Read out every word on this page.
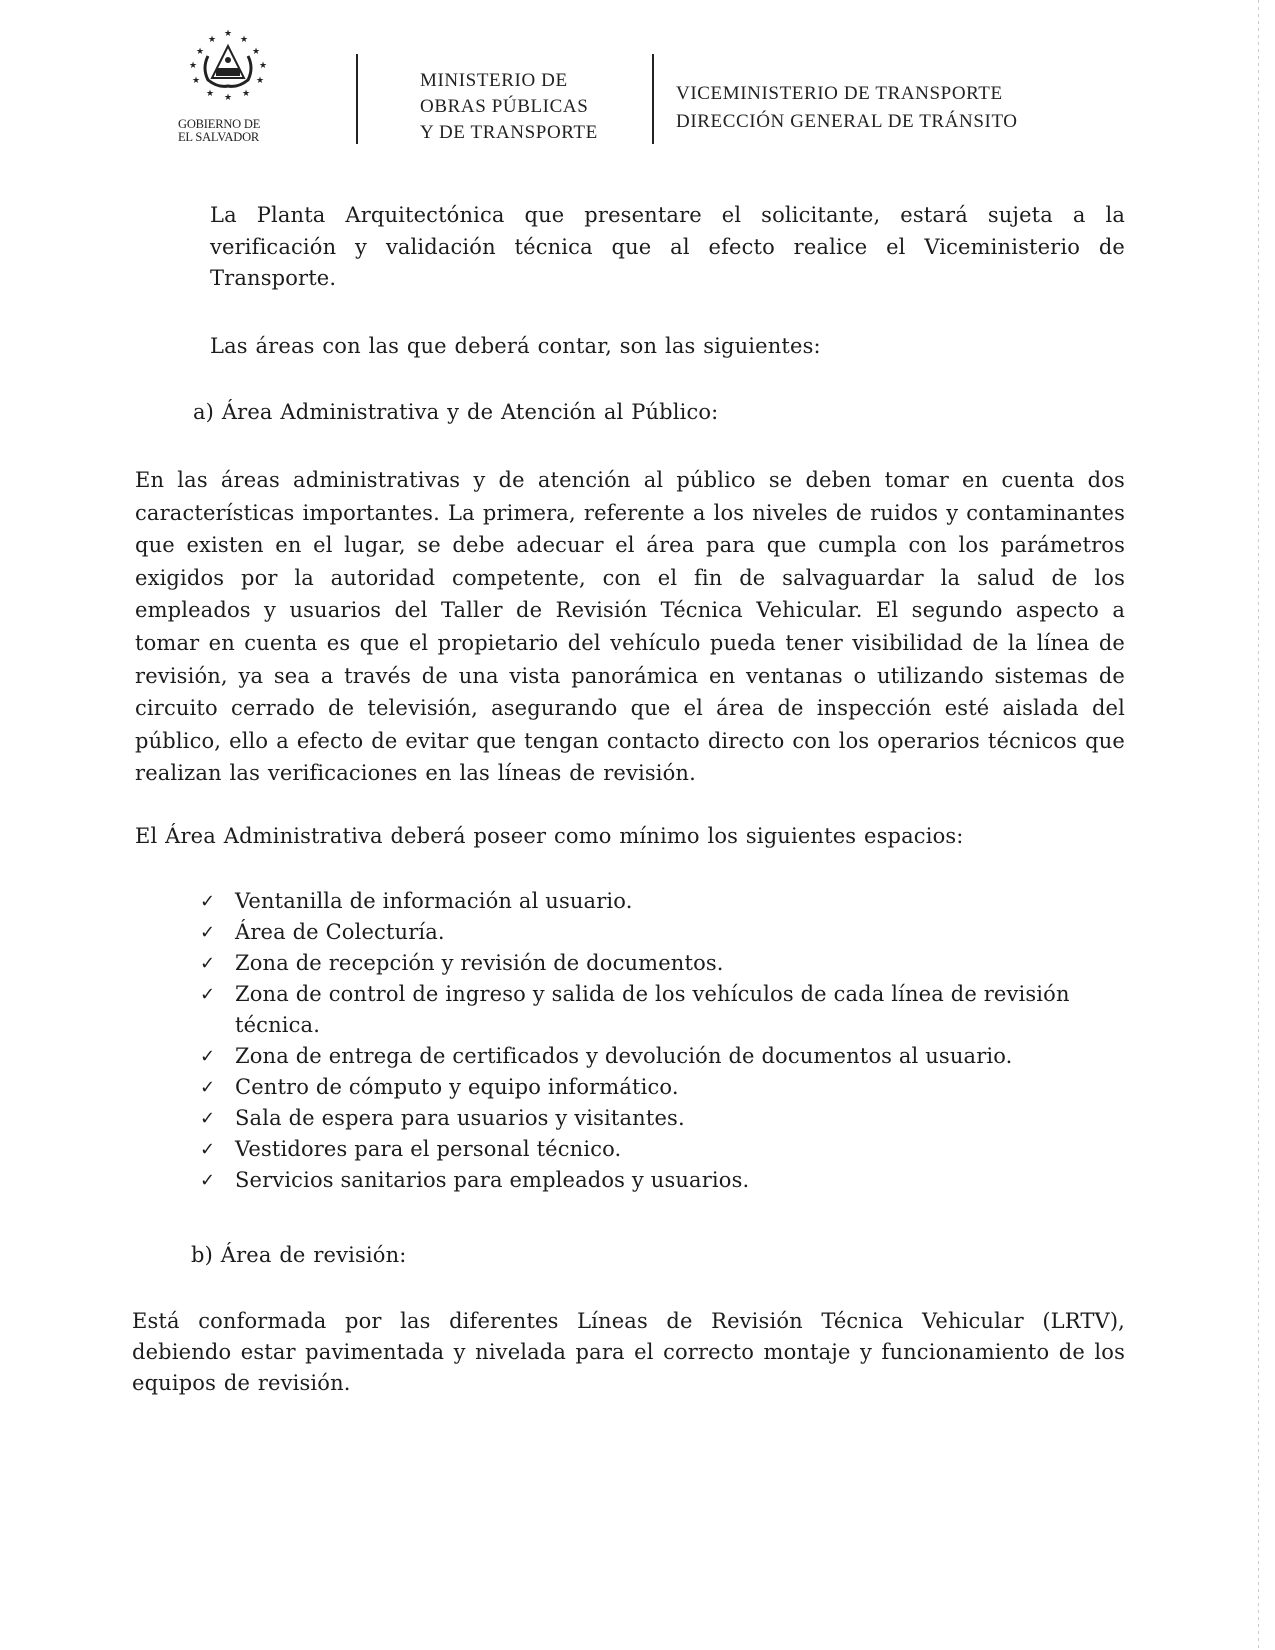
★
★	★
★	★
★	★
★	★
★ ★ ★
GOBIERNO DE
EL SALVADOR
MINISTERIO DE
OBRAS PÚBLICAS
Y DE TRANSPORTE
VICEMINISTERIO DE TRANSPORTE
DIRECCIÓN GENERAL DE TRÁNSITO
La Planta Arquitectónica que presentare el solicitante, estará sujeta a la verificación y validación técnica que al efecto realice el Viceministerio de Transporte.
Las áreas con las que deberá contar, son las siguientes:
a) Área Administrativa y de Atención al Público:
En las áreas administrativas y de atención al público se deben tomar en cuenta dos características importantes. La primera, referente a los niveles de ruidos y contaminantes que existen en el lugar, se debe adecuar el área para que cumpla con los parámetros exigidos por la autoridad competente, con el fin de salvaguardar la salud de los empleados y usuarios del Taller de Revisión Técnica Vehicular. El segundo aspecto a tomar en cuenta es que el propietario del vehículo pueda tener visibilidad de la línea de revisión, ya sea a través de una vista panorámica en ventanas o utilizando sistemas de circuito cerrado de televisión, asegurando que el área de inspección esté aislada del público, ello a efecto de evitar que tengan contacto directo con los operarios técnicos que realizan las verificaciones en las líneas de revisión.
El Área Administrativa deberá poseer como mínimo los siguientes espacios:
✓ Ventanilla de información al usuario.
✓ Área de Colecturía.
✓ Zona de recepción y revisión de documentos.
✓ Zona de control de ingreso y salida de los vehículos de cada línea de revisión técnica.
✓ Zona de entrega de certificados y devolución de documentos al usuario.
✓ Centro de cómputo y equipo informático.
✓ Sala de espera para usuarios y visitantes.
✓ Vestidores para el personal técnico.
✓ Servicios sanitarios para empleados y usuarios.
b) Área de revisión:
Está conformada por las diferentes Líneas de Revisión Técnica Vehicular (LRTV), debiendo estar pavimentada y nivelada para el correcto montaje y funcionamiento de los equipos de revisión.
